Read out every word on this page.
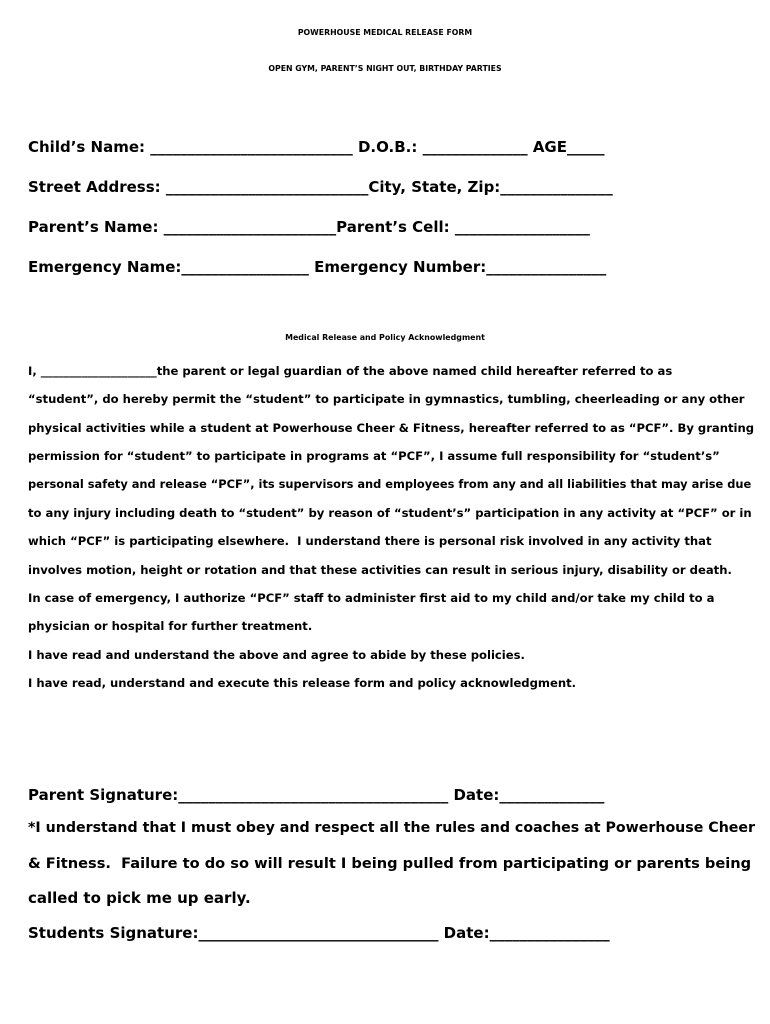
POWERHOUSE MEDICAL RELEASE FORM
OPEN GYM, PARENT’S NIGHT OUT, BIRTHDAY PARTIES
Child’s Name: ___________________________ D.O.B.: ______________ AGE_____
Street Address: ___________________________City, State, Zip:_______________
Parent’s Name: _______________________Parent’s Cell: __________________
Emergency Name:_________________ Emergency Number:________________
Medical Release and Policy Acknowledgment
I, ____________________the parent or legal guardian of the above named child hereafter referred to as
“student”, do hereby permit the “student” to participate in gymnastics, tumbling, cheerleading or any other
physical activities while a student at Powerhouse Cheer & Fitness, hereafter referred to as “PCF”. By granting
permission for “student” to participate in programs at “PCF”, I assume full responsibility for “student’s”
personal safety and release “PCF”, its supervisors and employees from any and all liabilities that may arise due
to any injury including death to “student” by reason of “student’s” participation in any activity at “PCF” or in
which “PCF” is participating elsewhere.  I understand there is personal risk involved in any activity that
involves motion, height or rotation and that these activities can result in serious injury, disability or death.
In case of emergency, I authorize “PCF” staff to administer first aid to my child and/or take my child to a
physician or hospital for further treatment.
I have read and understand the above and agree to abide by these policies.
I have read, understand and execute this release form and policy acknowledgment.
Parent Signature:____________________________________ Date:______________
*I understand that I must obey and respect all the rules and coaches at Powerhouse Cheer
& Fitness.  Failure to do so will result I being pulled from participating or parents being
called to pick me up early.
Students Signature:________________________________ Date:________________
